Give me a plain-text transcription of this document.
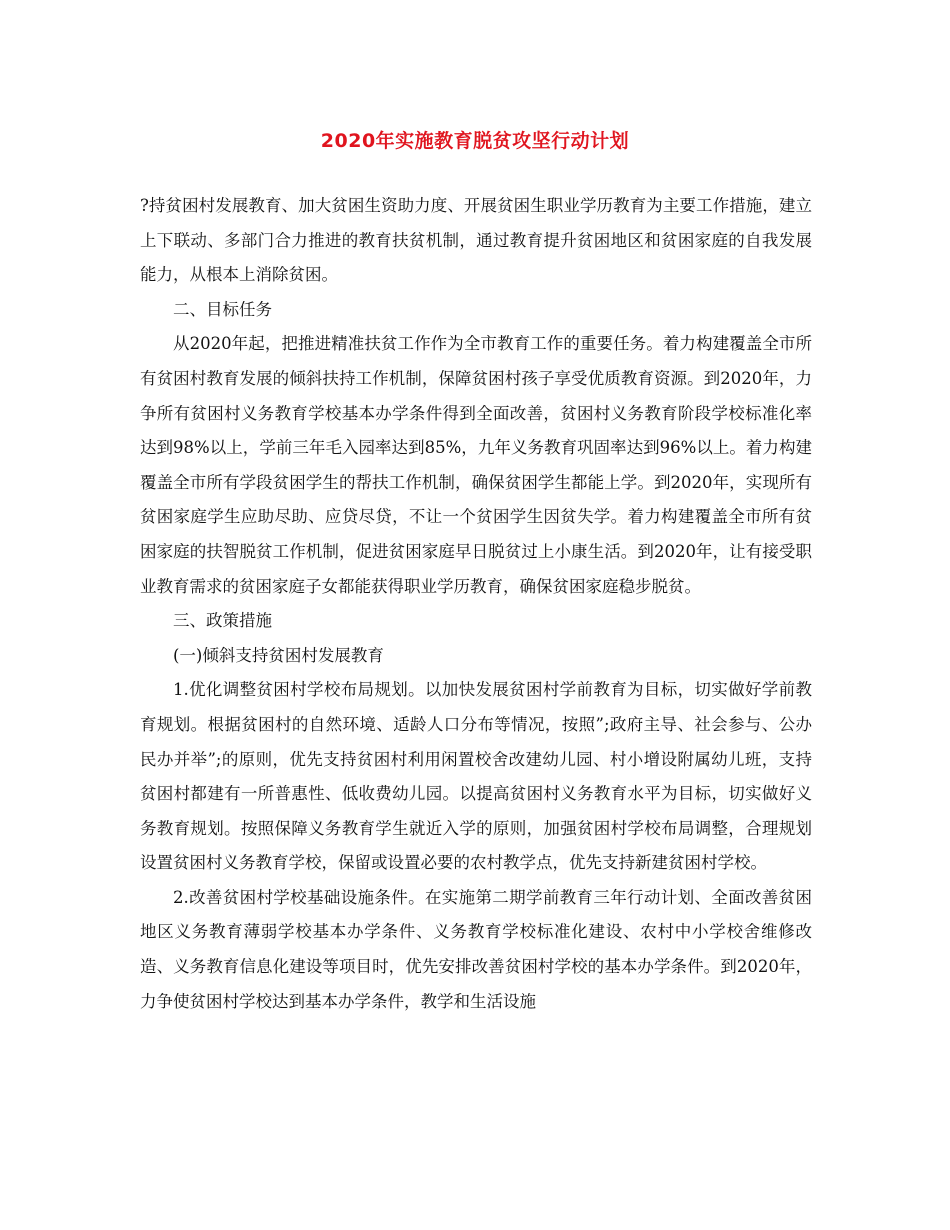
2020年实施教育脱贫攻坚行动计划

?持贫困村发展教育、加大贫困生资助力度、开展贫困生职业学历教育为主要工作措施，建立上下联动、多部门合力推进的教育扶贫机制，通过教育提升贫困地区和贫困家庭的自我发展能力，从根本上消除贫困。

二、目标任务

从2020年起，把推进精准扶贫工作作为全市教育工作的重要任务。着力构建覆盖全市所有贫困村教育发展的倾斜扶持工作机制，保障贫困村孩子享受优质教育资源。到2020年，力争所有贫困村义务教育学校基本办学条件得到全面改善，贫困村义务教育阶段学校标准化率达到98%以上，学前三年毛入园率达到85%，九年义务教育巩固率达到96%以上。着力构建覆盖全市所有学段贫困学生的帮扶工作机制，确保贫困学生都能上学。到2020年，实现所有贫困家庭学生应助尽助、应贷尽贷，不让一个贫困学生因贫失学。着力构建覆盖全市所有贫困家庭的扶智脱贫工作机制，促进贫困家庭早日脱贫过上小康生活。到2020年，让有接受职业教育需求的贫困家庭子女都能获得职业学历教育，确保贫困家庭稳步脱贫。

三、政策措施

(一)倾斜支持贫困村发展教育

1.优化调整贫困村学校布局规划。以加快发展贫困村学前教育为目标，切实做好学前教育规划。根据贫困村的自然环境、适龄人口分布等情况，按照”;政府主导、社会参与、公办民办并举”;的原则，优先支持贫困村利用闲置校舍改建幼儿园、村小增设附属幼儿班，支持贫困村都建有一所普惠性、低收费幼儿园。以提高贫困村义务教育水平为目标，切实做好义务教育规划。按照保障义务教育学生就近入学的原则，加强贫困村学校布局调整，合理规划设置贫困村义务教育学校，保留或设置必要的农村教学点，优先支持新建贫困村学校。

2.改善贫困村学校基础设施条件。在实施第二期学前教育三年行动计划、全面改善贫困地区义务教育薄弱学校基本办学条件、义务教育学校标准化建设、农村中小学校舍维修改造、义务教育信息化建设等项目时，优先安排改善贫困村学校的基本办学条件。到2020年，力争使贫困村学校达到基本办学条件，教学和生活设施
